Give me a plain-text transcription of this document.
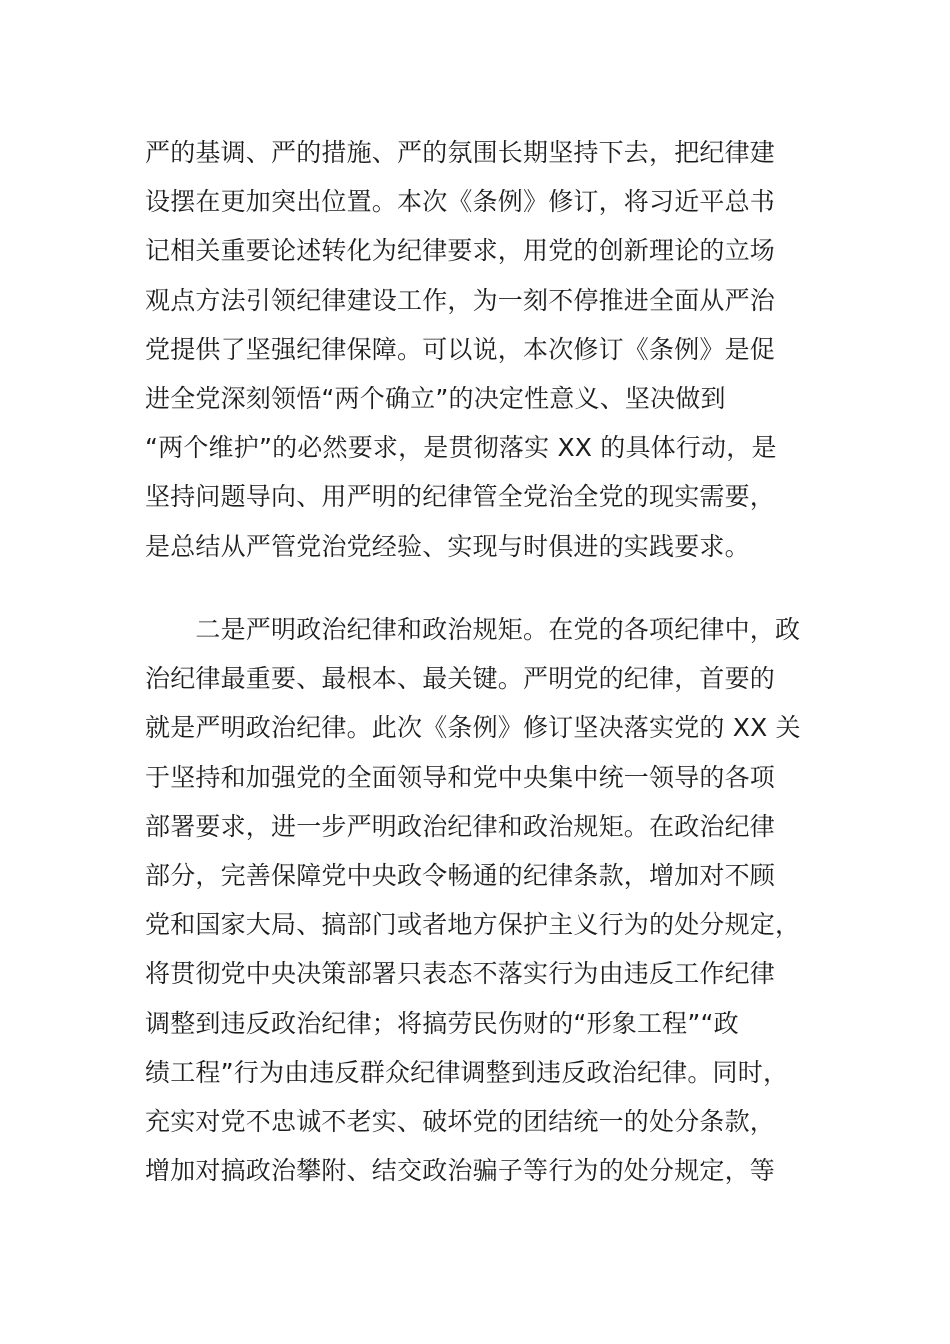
严的基调、严的措施、严的氛围长期坚持下去，把纪律建
设摆在更加突出位置。本次《条例》修订，将习近平总书
记相关重要论述转化为纪律要求，用党的创新理论的立场
观点方法引领纪律建设工作，为一刻不停推进全面从严治
党提供了坚强纪律保障。可以说，本次修订《条例》是促
进全党深刻领悟“两个确立”的决定性意义、坚决做到
“两个维护”的必然要求，是贯彻落实 XX 的具体行动，是
坚持问题导向、用严明的纪律管全党治全党的现实需要，
是总结从严管党治党经验、实现与时俱进的实践要求。
　　二是严明政治纪律和政治规矩。在党的各项纪律中，政
治纪律最重要、最根本、最关键。严明党的纪律，首要的
就是严明政治纪律。此次《条例》修订坚决落实党的 XX 关
于坚持和加强党的全面领导和党中央集中统一领导的各项
部署要求，进一步严明政治纪律和政治规矩。在政治纪律
部分，完善保障党中央政令畅通的纪律条款，增加对不顾
党和国家大局、搞部门或者地方保护主义行为的处分规定，
将贯彻党中央决策部署只表态不落实行为由违反工作纪律
调整到违反政治纪律；将搞劳民伤财的“形象工程”“政
绩工程”行为由违反群众纪律调整到违反政治纪律。同时，
充实对党不忠诚不老实、破坏党的团结统一的处分条款，
增加对搞政治攀附、结交政治骗子等行为的处分规定，等
